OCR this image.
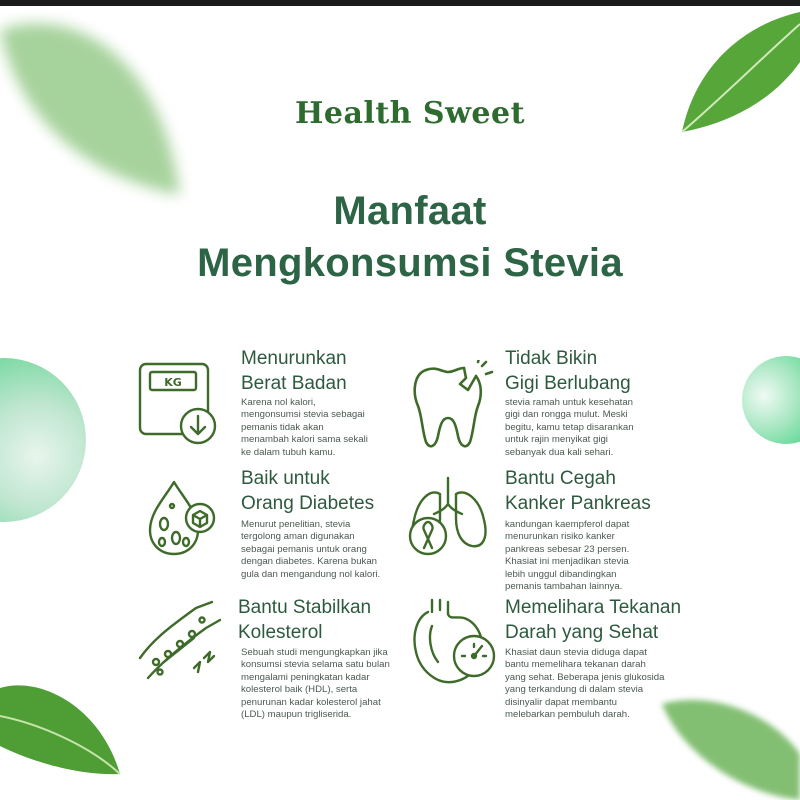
Health Sweet
Manfaat
Mengkonsumsi Stevia
KG
Menurunkan
Berat Badan
Karena nol kalori,
mengonsumsi stevia sebagai
pemanis tidak akan
menambah kalori sama sekali
ke dalam tubuh kamu.
Tidak Bikin
Gigi Berlubang
stevia ramah untuk kesehatan
gigi dan rongga mulut. Meski
begitu, kamu tetap disarankan
untuk rajin menyikat gigi
sebanyak dua kali sehari.
Baik untuk
Orang Diabetes
Menurut penelitian, stevia
tergolong aman digunakan
sebagai pemanis untuk orang
dengan diabetes. Karena bukan
gula dan mengandung nol kalori.
Bantu Cegah
Kanker Pankreas
kandungan kaempferol dapat
menurunkan risiko kanker
pankreas sebesar 23 persen.
Khasiat ini menjadikan stevia
lebih unggul dibandingkan
pemanis tambahan lainnya.
Bantu Stabilkan
Kolesterol
Sebuah studi mengungkapkan jika
konsumsi stevia selama satu bulan
mengalami peningkatan kadar
kolesterol baik (HDL), serta
penurunan kadar kolesterol jahat
(LDL) maupun trigliserida.
Memelihara Tekanan
Darah yang Sehat
Khasiat daun stevia diduga dapat
bantu memelihara tekanan darah
yang sehat. Beberapa jenis glukosida
yang terkandung di dalam stevia
disinyalir dapat membantu
melebarkan pembuluh darah.
